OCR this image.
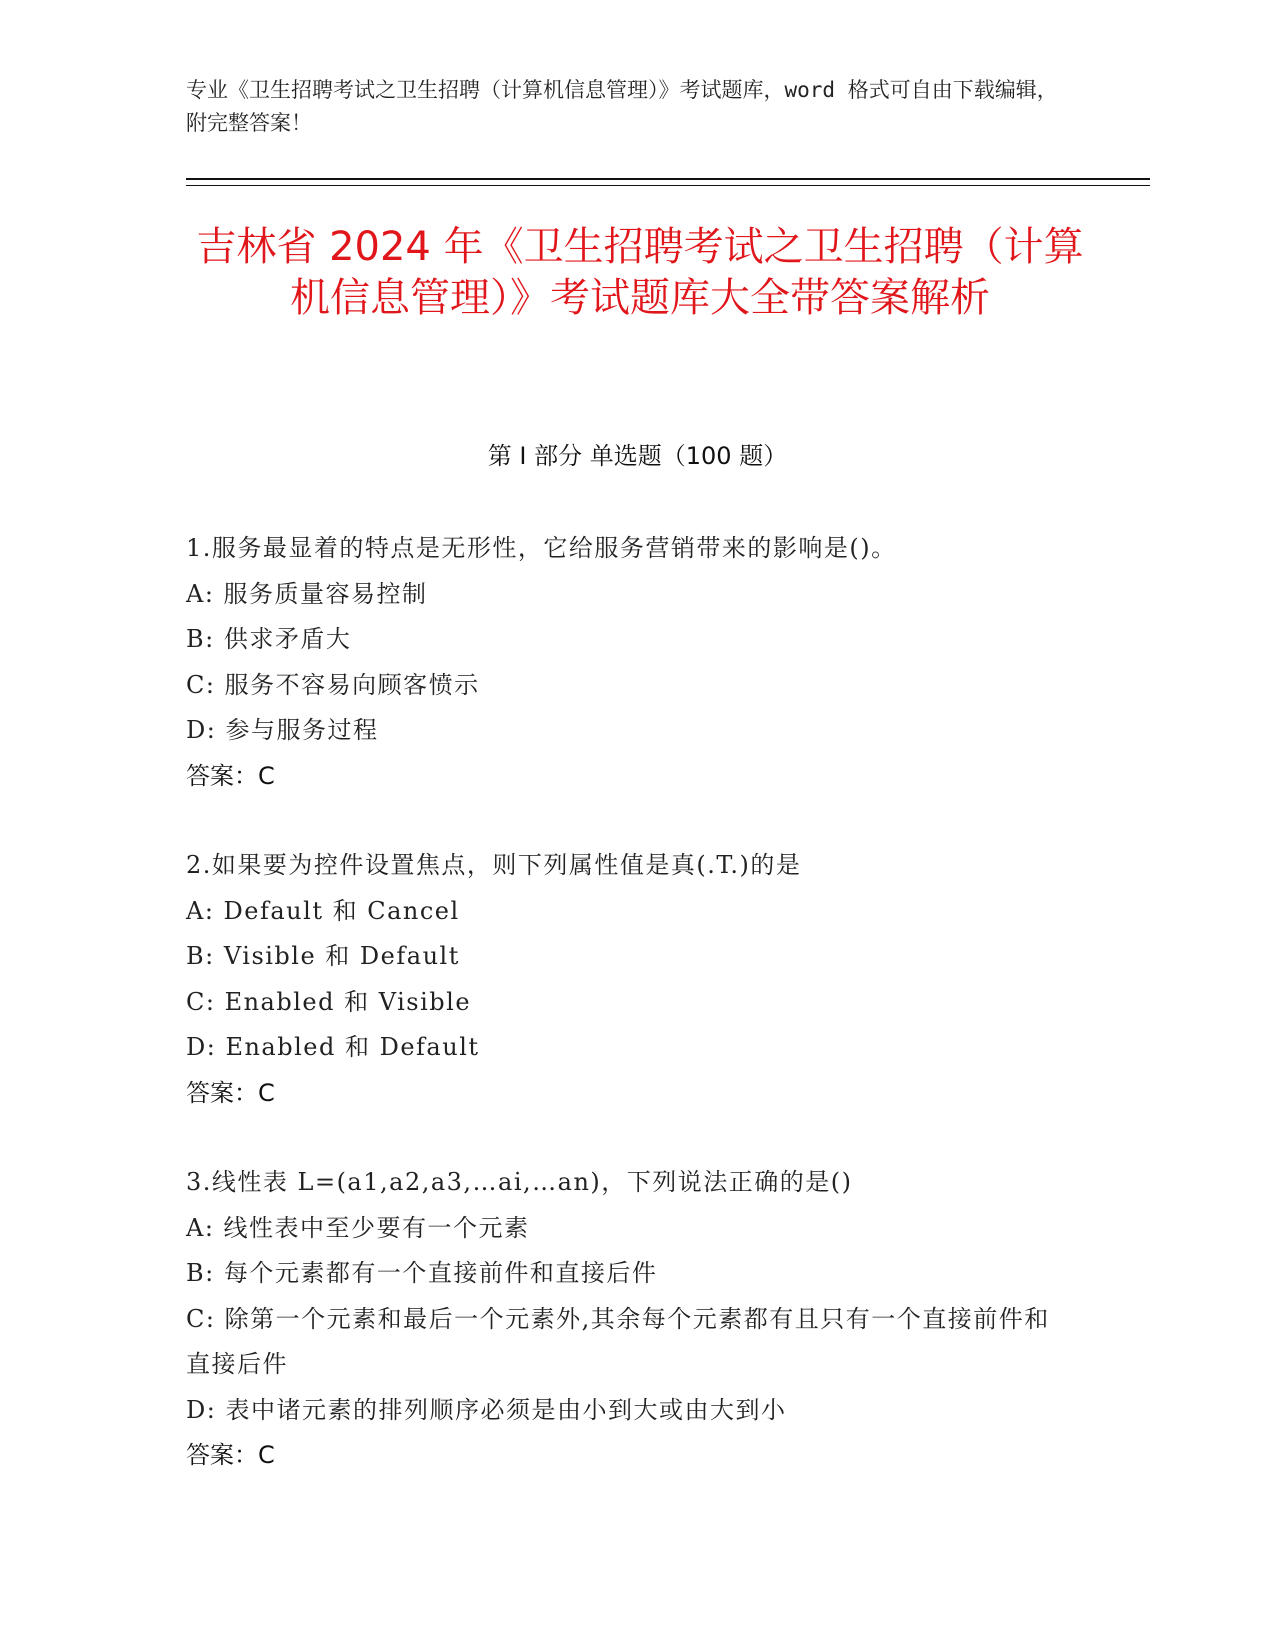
专业《卫生招聘考试之卫生招聘（计算机信息管理）》考试题库，word 格式可自由下载编辑，附完整答案！
吉林省 2024 年《卫生招聘考试之卫生招聘（计算机信息管理）》考试题库大全带答案解析
第 I 部分 单选题（100 题）
1.服务最显着的特点是无形性，它给服务营销带来的影响是()。
A: 服务质量容易控制
B: 供求矛盾大
C: 服务不容易向顾客愤示
D: 参与服务过程
答案：C
2.如果要为控件设置焦点，则下列属性值是真(.T.)的是
A: Default 和 Cancel
B: Visible 和 Default
C: Enabled 和 Visible
D: Enabled 和 Default
答案：C
3.线性表 L=(a1,a2,a3,…ai,…an)，下列说法正确的是()
A: 线性表中至少要有一个元素
B: 每个元素都有一个直接前件和直接后件
C: 除第一个元素和最后一个元素外,其余每个元素都有且只有一个直接前件和直接后件
D: 表中诸元素的排列顺序必须是由小到大或由大到小
答案：C
